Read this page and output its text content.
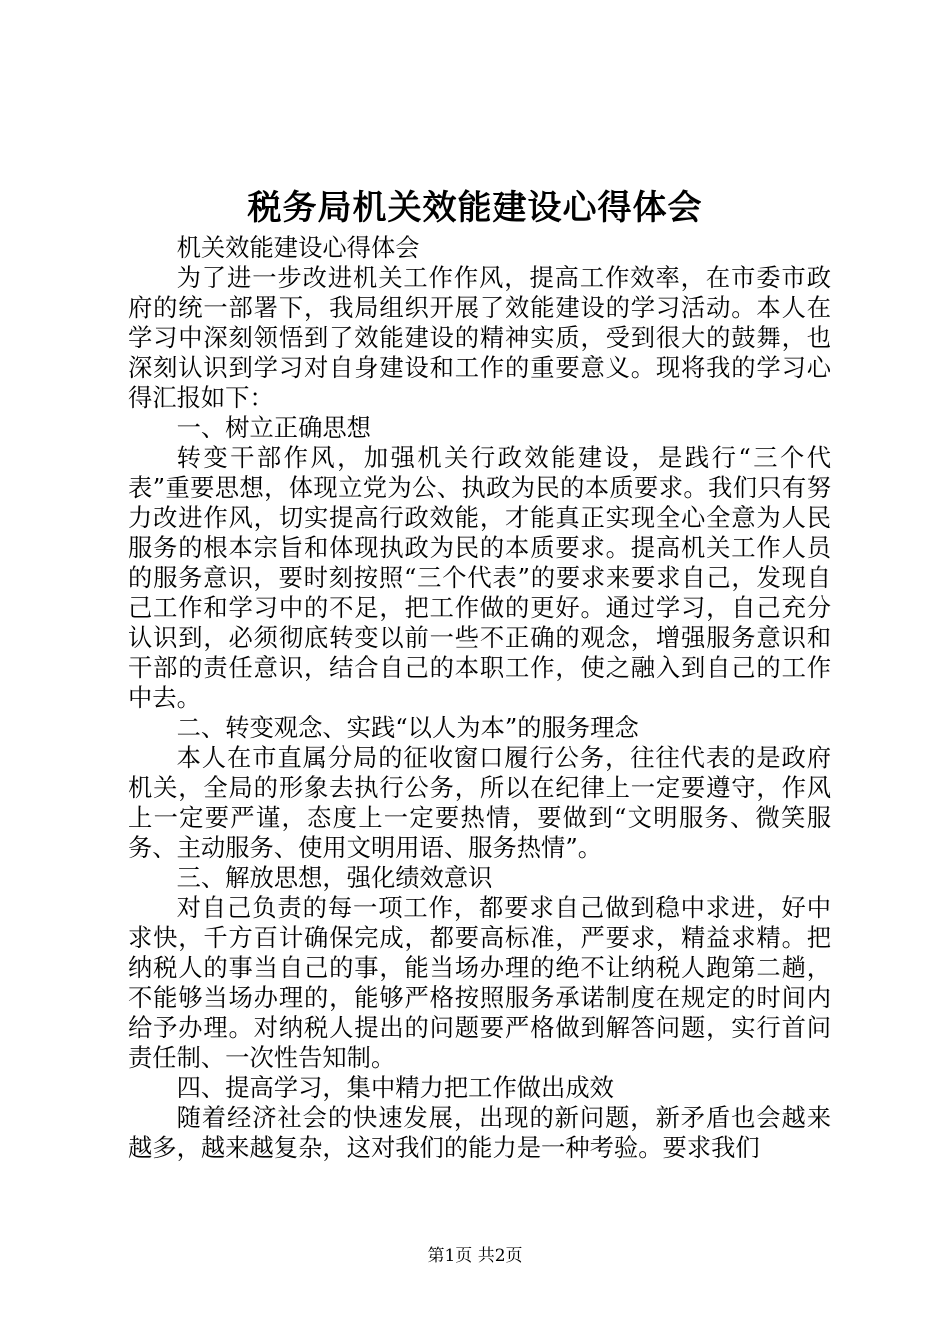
税务局机关效能建设心得体会

机关效能建设心得体会

为了进一步改进机关工作作风，提高工作效率，在市委市政府的统一部署下，我局组织开展了效能建设的学习活动。本人在学习中深刻领悟到了效能建设的精神实质，受到很大的鼓舞，也深刻认识到学习对自身建设和工作的重要意义。现将我的学习心得汇报如下：

一、树立正确思想

转变干部作风，加强机关行政效能建设，是践行“三个代表”重要思想，体现立党为公、执政为民的本质要求。我们只有努力改进作风，切实提高行政效能，才能真正实现全心全意为人民服务的根本宗旨和体现执政为民的本质要求。提高机关工作人员的服务意识，要时刻按照“三个代表”的要求来要求自己，发现自己工作和学习中的不足，把工作做的更好。通过学习，自己充分认识到，必须彻底转变以前一些不正确的观念，增强服务意识和干部的责任意识，结合自己的本职工作，使之融入到自己的工作中去。

二、转变观念、实践“以人为本”的服务理念

本人在市直属分局的征收窗口履行公务，往往代表的是政府机关，全局的形象去执行公务，所以在纪律上一定要遵守，作风上一定要严谨，态度上一定要热情，要做到“文明服务、微笑服务、主动服务、使用文明用语、服务热情”。

三、解放思想，强化绩效意识

对自己负责的每一项工作，都要求自己做到稳中求进，好中求快，千方百计确保完成，都要高标准，严要求，精益求精。把纳税人的事当自己的事，能当场办理的绝不让纳税人跑第二趟，不能够当场办理的，能够严格按照服务承诺制度在规定的时间内给予办理。对纳税人提出的问题要严格做到解答问题，实行首问责任制、一次性告知制。

四、提高学习，集中精力把工作做出成效

随着经济社会的快速发展，出现的新问题，新矛盾也会越来越多，越来越复杂，这对我们的能力是一种考验。要求我们

第1页 共2页
